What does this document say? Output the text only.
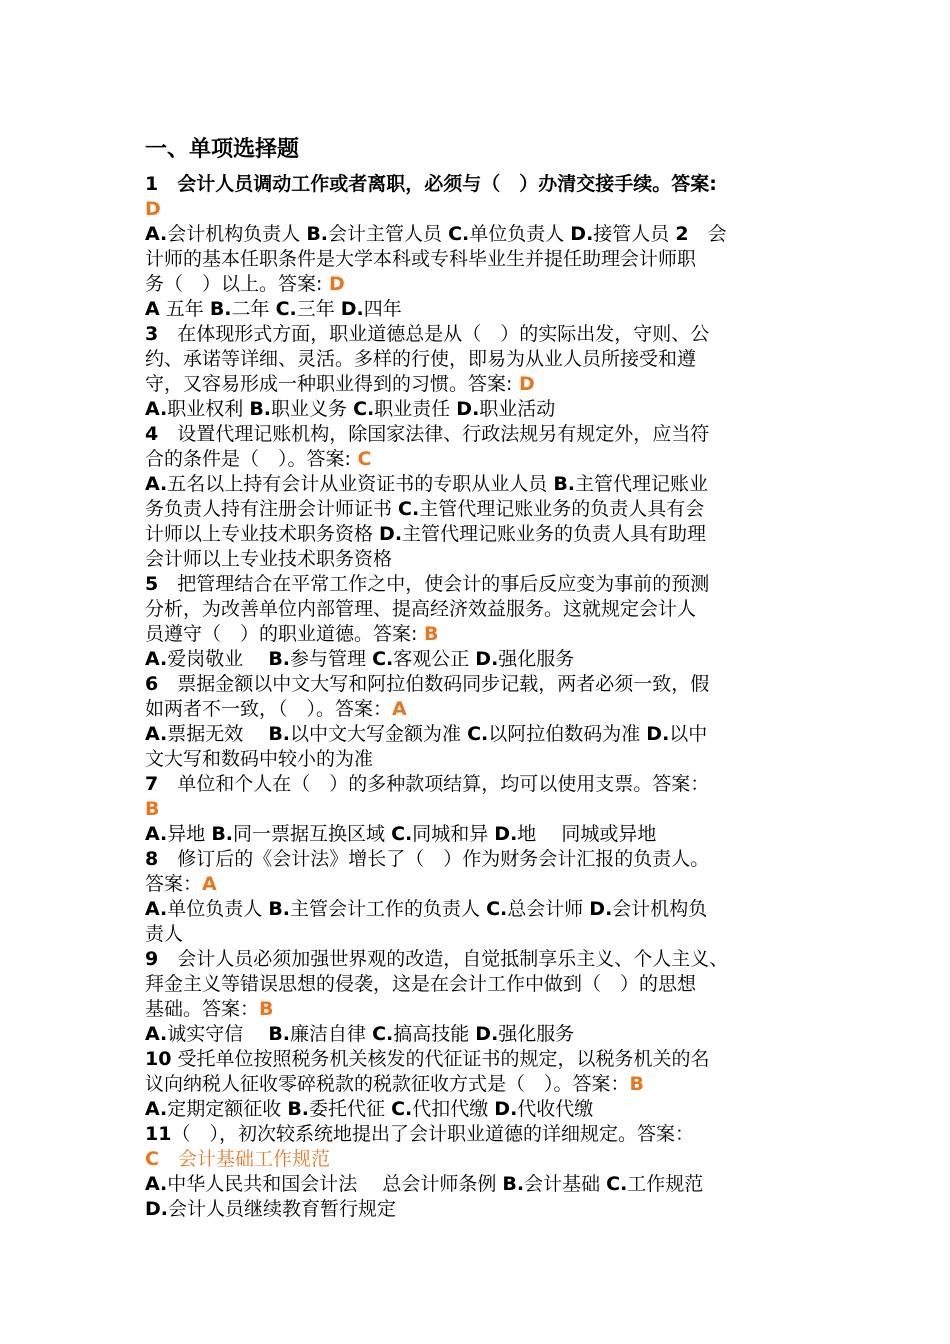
一、单项选择题
1　会计人员调动工作或者离职，必须与（　）办清交接手续。答案:
D
A.会计机构负责人 B.会计主管人员 C.单位负责人 D.接管人员 2　会
计师的基本任职条件是大学本科或专科毕业生并提任助理会计师职
务（　）以上。答案: D
A 五年 B.二年 C.三年 D.四年
3　在体现形式方面，职业道德总是从（　）的实际出发，守则、公
约、承诺等详细、灵活。多样的行使，即易为从业人员所接受和遵
守，又容易形成一种职业得到的习惯。答案: D
A.职业权利 B.职业义务 C.职业责任 D.职业活动
4　设置代理记账机构，除国家法律、行政法规另有规定外，应当符
合的条件是（　）。答案: C
A.五名以上持有会计从业资证书的专职从业人员 B.主管代理记账业
务负责人持有注册会计师证书 C.主管代理记账业务的负责人具有会
计师以上专业技术职务资格 D.主管代理记账业务的负责人具有助理
会计师以上专业技术职务资格
5　把管理结合在平常工作之中，使会计的事后反应变为事前的预测
分析，为改善单位内部管理、提高经济效益服务。这就规定会计人
员遵守（　）的职业道德。答案: B
A.爱岗敬业　 B.参与管理 C.客观公正 D.强化服务
6　票据金额以中文大写和阿拉伯数码同步记载，两者必须一致，假
如两者不一致，（　）。答案：A
A.票据无效　 B.以中文大写金额为准 C.以阿拉伯数码为准 D.以中
文大写和数码中较小的为准
7　单位和个人在（　）的多种款项结算，均可以使用支票。答案：
B
A.异地 B.同一票据互换区域 C.同城和异 D.地　 同城或异地
8　修订后的《会计法》增长了（　）作为财务会计汇报的负责人。
答案：A
A.单位负责人 B.主管会计工作的负责人 C.总会计师 D.会计机构负
责人
9　会计人员必须加强世界观的改造，自觉抵制享乐主义、个人主义、
拜金主义等错误思想的侵袭，这是在会计工作中做到（　）的思想
基础。答案：B
A.诚实守信　 B.廉洁自律 C.搞高技能 D.强化服务
10 受托单位按照税务机关核发的代征证书的规定，以税务机关的名
议向纳税人征收零碎税款的税款征收方式是（　）。答案：B
A.定期定额征收 B.委托代征 C.代扣代缴 D.代收代缴
11（　），初次较系统地提出了会计职业道德的详细规定。答案：
C　会计基础工作规范
A.中华人民共和国会计法　 总会计师条例 B.会计基础 C.工作规范
D.会计人员继续教育暂行规定
